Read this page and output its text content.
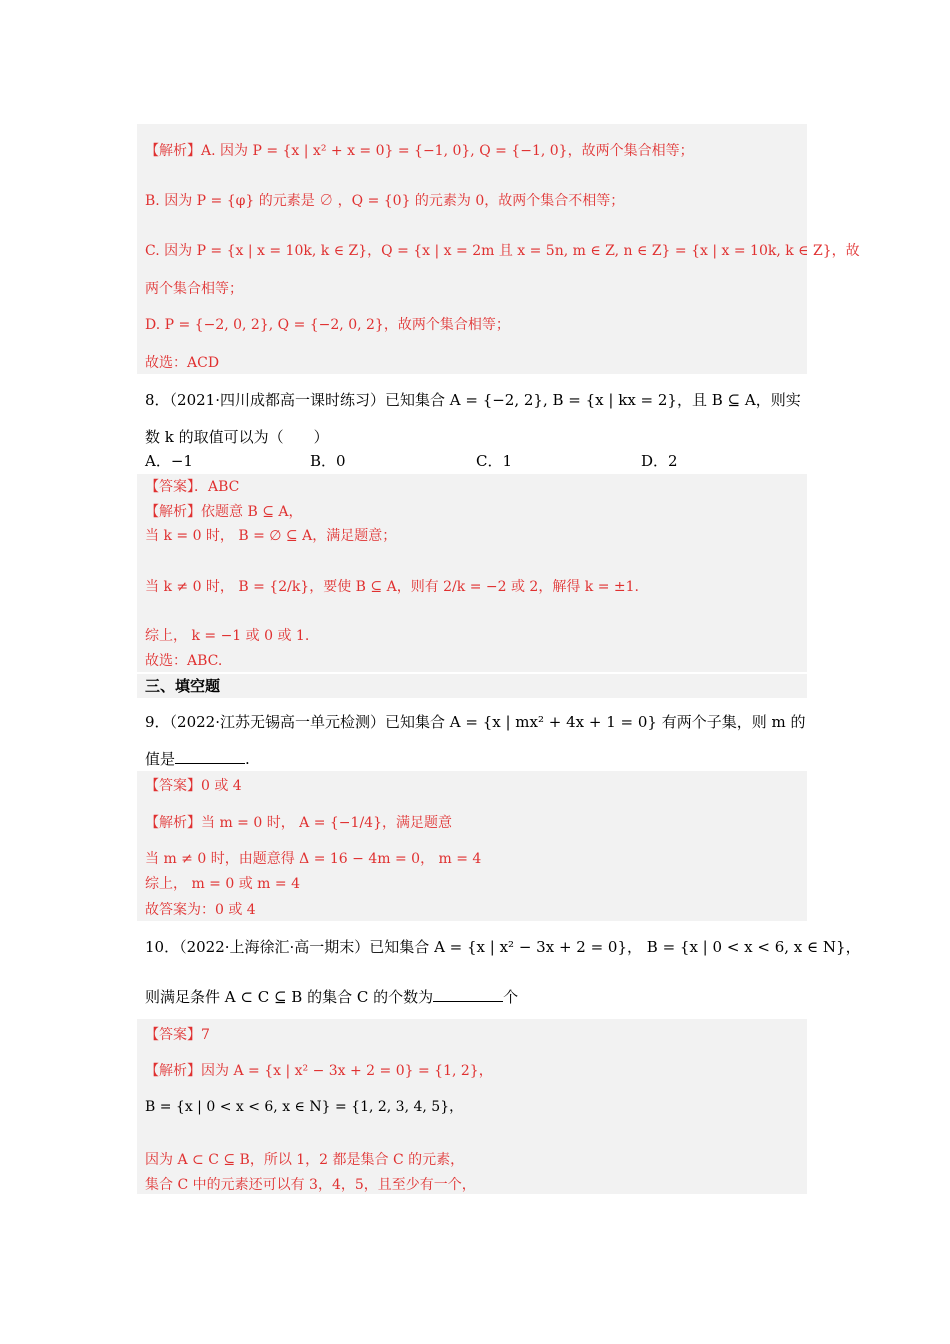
【解析】A. 因为 P = {x | x² + x = 0} = {−1, 0}, Q = {−1, 0}，故两个集合相等；
B. 因为 P = {φ} 的元素是 ∅ ，Q = {0} 的元素为 0，故两个集合不相等；
C. 因为 P = {x | x = 10k, k ∈ Z}，Q = {x | x = 2m 且 x = 5n, m ∈ Z, n ∈ Z} = {x | x = 10k, k ∈ Z}，故
两个集合相等；
D. P = {−2, 0, 2}, Q = {−2, 0, 2}，故两个集合相等；
故选：ACD
8．（2021·四川成都高一课时练习）已知集合 A = {−2, 2}, B = {x | kx = 2}，且 B ⊆ A，则实
数 k 的取值可以为（　　）
A．−1	B．0	C．1	D．2
【答案】．ABC
【解析】依题意 B ⊆ A，
当 k = 0 时， B = ∅ ⊆ A，满足题意；
当 k ≠ 0 时， B = {2/k}，要使 B ⊆ A，则有 2/k = −2 或 2，解得 k = ±1.
综上， k = −1 或 0 或 1.
故选：ABC.
三、填空题
9．（2022·江苏无锡高一单元检测）已知集合 A = {x | mx² + 4x + 1 = 0} 有两个子集，则 m 的
值是	.
【答案】0 或 4
【解析】当 m = 0 时， A = {−1/4}，满足题意
当 m ≠ 0 时，由题意得 Δ = 16 − 4m = 0， m = 4
综上， m = 0 或 m = 4
故答案为：0 或 4
10．（2022·上海徐汇·高一期末）已知集合 A = {x | x² − 3x + 2 = 0}， B = {x | 0 < x < 6, x ∈ N}，
则满足条件 A ⊂ C ⊆ B 的集合 C 的个数为	个
【答案】7
【解析】因为 A = {x | x² − 3x + 2 = 0} = {1, 2}，
B = {x | 0 < x < 6, x ∈ N} = {1, 2, 3, 4, 5}，
因为 A ⊂ C ⊆ B，所以 1，2 都是集合 C 的元素，
集合 C 中的元素还可以有 3，4，5，且至少有一个，
